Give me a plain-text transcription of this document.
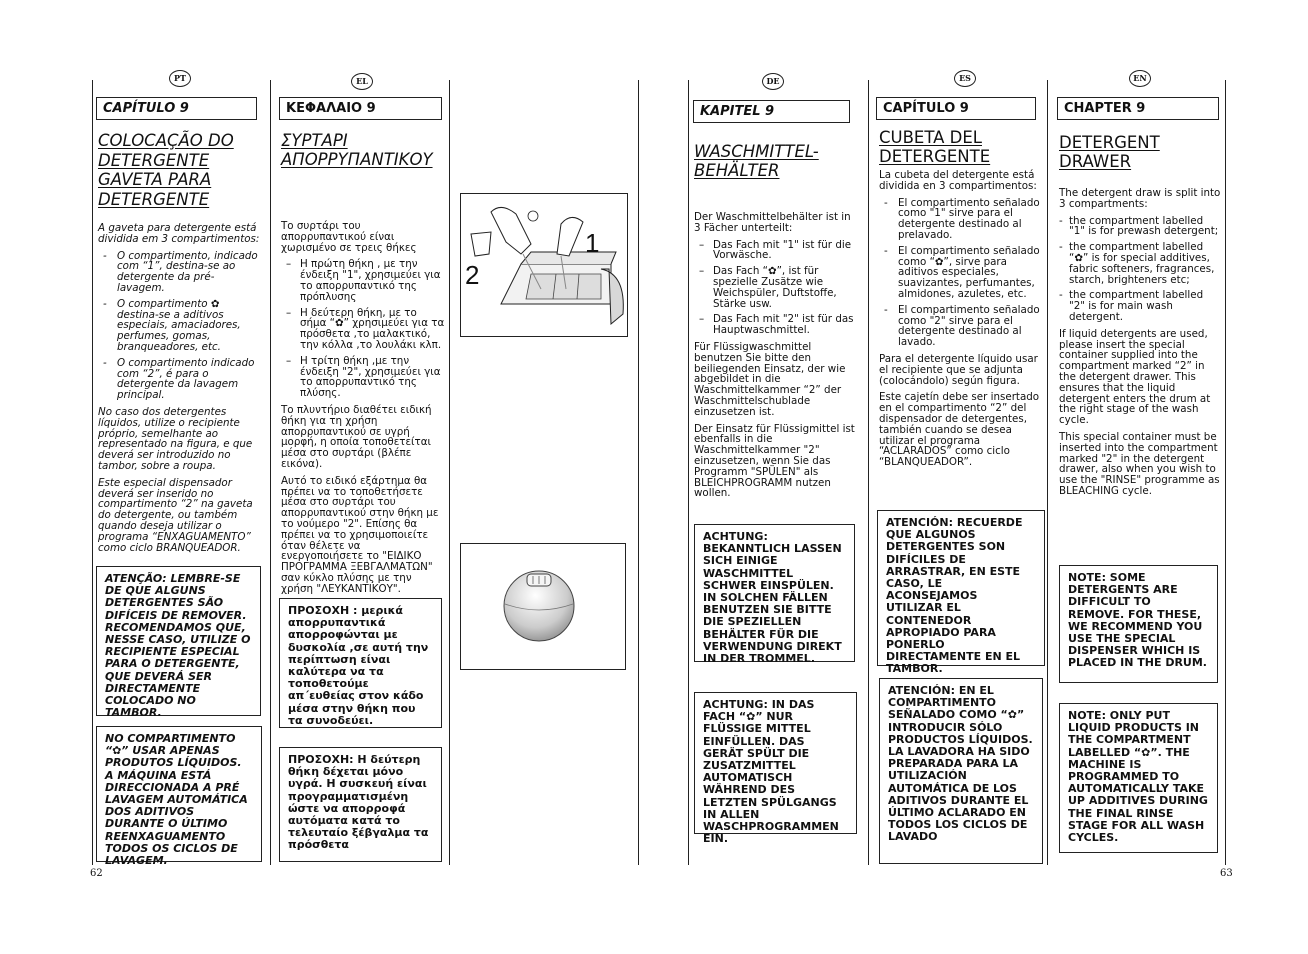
PT
CAPÍTULO 9
COLOCAÇÃO DO DETERGENTE GAVETA PARA DETERGENTE

A gaveta para detergente está dividida em 3 compartimentos:

- O compartimento, indicado com “1”, destina-se ao detergente da pré-lavagem.
- O compartimento ✿ destina-se a aditivos especiais, amaciadores, perfumes, gomas, branqueadores, etc.
- O compartimento indicado com “2”, é para o detergente da lavagem principal.

No caso dos detergentes líquidos, utilize o recipiente próprio, semelhante ao representado na figura, e que deverá ser introduzido no tambor, sobre a roupa.

Este especial dispensador deverá ser inserido no compartimento “2” na gaveta do detergente, ou também quando deseja utilizar o programa “ENXAGUAMENTO” como ciclo BRANQUEADOR.

ATENÇÃO: LEMBRE-SE DE QUE ALGUNS DETERGENTES SÃO DIFÍCEIS DE REMOVER. RECOMENDAMOS QUE, NESSE CASO, UTILIZE O RECIPIENTE ESPECIAL PARA O DETERGENTE, QUE DEVERÁ SER DIRECTAMENTE COLOCADO NO TAMBOR.
NO COMPARTIMENTO “✿” USAR APENAS PRODUTOS LÍQUIDOS. A MÁQUINA ESTÁ DIRECCIONADA A PRÉ LAVAGEM AUTOMÁTICA DOS ADITIVOS DURANTE O ÚLTIMO REENXAGUAMENTO TODOS OS CICLOS DE LAVAGEM.
62
EL
ΚΕΦΑΛΑΙΟ 9
ΣΥΡΤΑΡΙ ΑΠΟΡΡΥΠΑΝΤΙΚΟΥ

Το συρτάρι του απορρυπαντικού είναι χωρισμένο σε τρεις θήκες

– Η πρώτη θήκη , με την ένδειξη "1", χρησιμεύει για το απορρυπαντικό της πρόπλυσης
– Η δεύτερη θήκη, με το σήμα “✿” χρησιμεύει για τα πρόσθετα ,το μαλακτικό, την κόλλα ,το λουλάκι κλπ.
– Η τρίτη θήκη ,με την ένδειξη "2", χρησιμεύει για το απορρυπαντικό της πλύσης.

Το πλυντήριο διαθέτει ειδική θήκη για τη χρήση απορρυπαντικού σε υγρή μορφή, η οποία τοποθετείται μέσα στο συρτάρι (βλέπε εικόνα).

Αυτό το ειδικό εξάρτημα θα πρέπει να το τοποθετήσετε μέσα στο συρτάρι του απορρυπαντικού στην θήκη με το νούμερο "2". Επίσης θα πρέπει να το χρησιμοποιείτε όταν θέλετε να ενεργοποιήσετε το "ΕΙΔΙΚΟ ΠΡΟΓΡΑΜΜΑ ΞΕΒΓΑΛΜΑΤΩΝ" σαν κύκλο πλύσης με την χρήση "ΛΕΥΚΑΝΤΙΚΟΥ".

ΠΡΟΣΟΧΗ : μερικά απορρυπαντικά απορροφώνται με δυσκολία ,σε αυτή την περίπτωση είναι καλύτερα να τα τοποθετούμε απ΄ευθείας στον κάδο μέσα στην θήκη που τα συνοδεύει.
ΠΡΟΣΟΧΗ: Η δεύτερη θήκη δέχεται μόνο υγρά. Η συσκευή είναι προγραμματισμένη ώστε να απορροφά αυτόματα κατά το τελευταίο ξέβγαλμα τα πρόσθετα
1
2
DE
KAPITEL 9
WASCHMITTEL-BEHÄLTER

Der Waschmittelbehälter ist in 3 Fächer unterteilt:

– Das Fach mit "1" ist für die Vorwäsche.
– Das Fach “✿”, ist für spezielle Zusätze wie Weichspüler, Duftstoffe, Stärke usw.
– Das Fach mit "2" ist für das Hauptwaschmittel.

Für Flüssigwaschmittel benutzen Sie bitte den beiliegenden Einsatz, der wie abgebildet in die Waschmittelkammer “2” der Waschmittelschublade einzusetzen ist.

Der Einsatz für Flüssigmittel ist ebenfalls in die Waschmittelkammer "2" einzusetzen, wenn Sie das Programm "SPÜLEN" als BLEICHPROGRAMM nutzen wollen.

ACHTUNG: BEKANNTLICH LASSEN SICH EINIGE WASCHMITTEL SCHWER EINSPÜLEN. IN SOLCHEN FÄLLEN BENUTZEN SIE BITTE DIE SPEZIELLEN BEHÄLTER FÜR DIE VERWENDUNG DIREKT IN DER TROMMEL.
ACHTUNG: IN DAS FACH “✿” NUR FLÜSSIGE MITTEL EINFÜLLEN. DAS GERÄT SPÜLT DIE ZUSATZMITTEL AUTOMATISCH WÄHREND DES LETZTEN SPÜLGANGS IN ALLEN WASCHPROGRAMMEN EIN.
ES
CAPÍTULO 9
CUBETA DEL DETERGENTE

La cubeta del detergente está dividida en 3 compartimentos:

- El compartimento señalado como "1" sirve para el detergente destinado al prelavado.
- El compartimento señalado como “✿”, sirve para aditivos especiales, suavizantes, perfumantes, almidones, azuletes, etc.
- El compartimento señalado como "2" sirve para el detergente destinado al lavado.

Para el detergente líquido usar el recipiente que se adjunta (colocándolo) según figura.

Este cajetín debe ser insertado en el compartimento “2” del dispensador de detergentes, también cuando se desea utilizar el programa “ACLARADOS” como ciclo “BLANQUEADOR”.

ATENCIÓN: RECUERDE QUE ALGUNOS DETERGENTES SON DIFÍCILES DE ARRASTRAR, EN ESTE CASO, LE ACONSEJAMOS UTILIZAR EL CONTENEDOR APROPIADO PARA PONERLO DIRECTAMENTE EN EL TAMBOR.
ATENCIÓN: EN EL COMPARTIMENTO SEÑALADO COMO “✿” INTRODUCIR SÓLO PRODUCTOS LÍQUIDOS. LA LAVADORA HA SIDO PREPARADA PARA LA UTILIZACIÓN AUTOMÁTICA DE LOS ADITIVOS DURANTE EL ÚLTIMO ACLARADO EN TODOS LOS CICLOS DE LAVADO
EN
CHAPTER 9
DETERGENT DRAWER

The detergent draw is split into 3 compartments:

- the compartment labelled "1" is for prewash detergent;
- the compartment labelled “✿” is for special additives, fabric softeners, fragrances, starch, brighteners etc;
- the compartment labelled "2" is for main wash detergent.

If liquid detergents are used, please insert the special container supplied into the compartment marked “2” in the detergent drawer. This ensures that the liquid detergent enters the drum at the right stage of the wash cycle.

This special container must be inserted into the compartment marked "2" in the detergent drawer, also when you wish to use the "RINSE" programme as BLEACHING cycle.

NOTE: SOME DETERGENTS ARE DIFFICULT TO REMOVE. FOR THESE, WE RECOMMEND YOU USE THE SPECIAL DISPENSER WHICH IS PLACED IN THE DRUM.
NOTE: ONLY PUT LIQUID PRODUCTS IN THE COMPARTMENT LABELLED “✿”. THE MACHINE IS PROGRAMMED TO AUTOMATICALLY TAKE UP ADDITIVES DURING THE FINAL RINSE STAGE FOR ALL WASH CYCLES.
63
